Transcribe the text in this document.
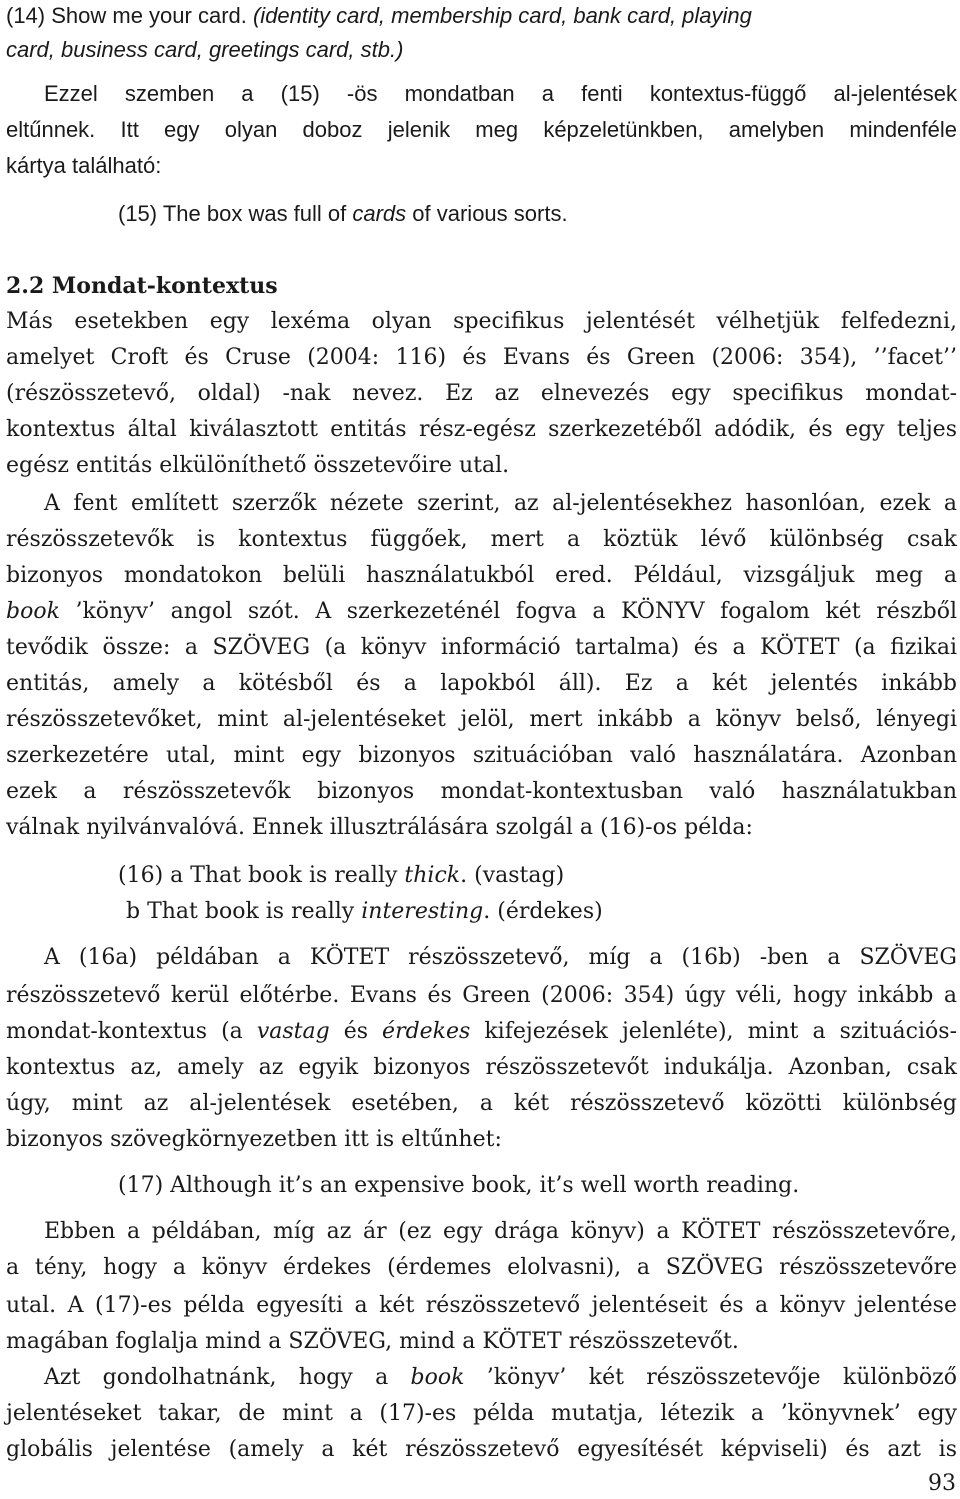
(14) Show me your card. (identity card, membership card, bank card, playing
card, business card, greetings card, stb.)
Ezzel szemben a (15) -ös mondatban a fenti kontextus-függő al-jelentések
eltűnnek. Itt egy olyan doboz jelenik meg képzeletünkben, amelyben mindenféle
kártya található:
(15) The box was full of cards of various sorts.
2.2 Mondat-kontextus
Más esetekben egy lexéma olyan specifikus jelentését vélhetjük felfedezni,
amelyet Croft és Cruse (2004: 116) és Evans és Green (2006: 354), ’’facet’’
(részösszetevő, oldal) -nak nevez. Ez az elnevezés egy specifikus mondat-
kontextus által kiválasztott entitás rész-egész szerkezetéből adódik, és egy teljes
egész entitás elkülöníthető összetevőire utal.
A fent említett szerzők nézete szerint, az al-jelentésekhez hasonlóan, ezek a
részösszetevők is kontextus függőek, mert a köztük lévő különbség csak
bizonyos mondatokon belüli használatukból ered. Például, vizsgáljuk meg a
book ’könyv’ angol szót. A szerkezeténél fogva a KÖNYV fogalom két részből
tevődik össze: a SZÖVEG (a könyv információ tartalma) és a KÖTET (a fizikai
entitás, amely a kötésből és a lapokból áll). Ez a két jelentés inkább
részösszetevőket, mint al-jelentéseket jelöl, mert inkább a könyv belső, lényegi
szerkezetére utal, mint egy bizonyos szituációban való használatára. Azonban
ezek a részösszetevők bizonyos mondat-kontextusban való használatukban
válnak nyilvánvalóvá. Ennek illusztrálására szolgál a (16)-os példa:
(16) a That book is really thick. (vastag)
b That book is really interesting. (érdekes)
A (16a) példában a KÖTET részösszetevő, míg a (16b) -ben a SZÖVEG
részösszetevő kerül előtérbe. Evans és Green (2006: 354) úgy véli, hogy inkább a
mondat-kontextus (a vastag és érdekes kifejezések jelenléte), mint a szituációs-
kontextus az, amely az egyik bizonyos részösszetevőt indukálja. Azonban, csak
úgy, mint az al-jelentések esetében, a két részösszetevő közötti különbség
bizonyos szövegkörnyezetben itt is eltűnhet:
(17) Although it’s an expensive book, it’s well worth reading.
Ebben a példában, míg az ár (ez egy drága könyv) a KÖTET részösszetevőre,
a tény, hogy a könyv érdekes (érdemes elolvasni), a SZÖVEG részösszetevőre
utal. A (17)-es példa egyesíti a két részösszetevő jelentéseit és a könyv jelentése
magában foglalja mind a SZÖVEG, mind a KÖTET részösszetevőt.
Azt gondolhatnánk, hogy a book ’könyv’ két részösszetevője különböző
jelentéseket takar, de mint a (17)-es példa mutatja, létezik a ’könyvnek’ egy
globális jelentése (amely a két részösszetevő egyesítését képviseli) és azt is
93
